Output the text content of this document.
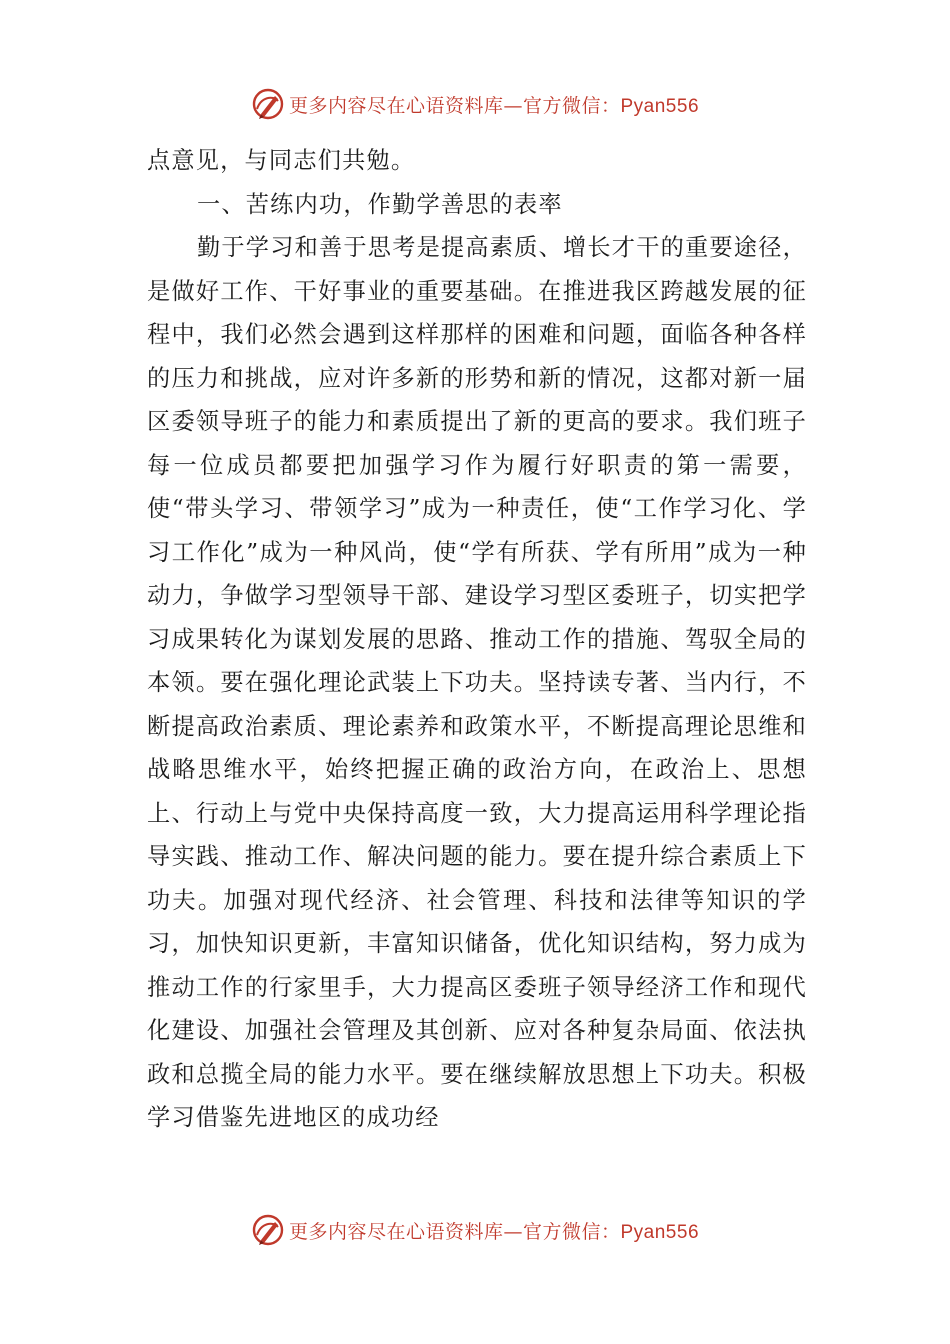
更多内容尽在心语资料库—官方微信：Pyan556

点意见，与同志们共勉。

一、苦练内功，作勤学善思的表率

勤于学习和善于思考是提高素质、增长才干的重要途径，是做好工作、干好事业的重要基础。在推进我区跨越发展的征程中，我们必然会遇到这样那样的困难和问题，面临各种各样的压力和挑战，应对许多新的形势和新的情况，这都对新一届区委领导班子的能力和素质提出了新的更高的要求。我们班子每一位成员都要把加强学习作为履行好职责的第一需要，使“带头学习、带领学习”成为一种责任，使“工作学习化、学习工作化”成为一种风尚，使“学有所获、学有所用”成为一种动力，争做学习型领导干部、建设学习型区委班子，切实把学习成果转化为谋划发展的思路、推动工作的措施、驾驭全局的本领。要在强化理论武装上下功夫。坚持读专著、当内行，不断提高政治素质、理论素养和政策水平，不断提高理论思维和战略思维水平，始终把握正确的政治方向，在政治上、思想上、行动上与党中央保持高度一致，大力提高运用科学理论指导实践、推动工作、解决问题的能力。要在提升综合素质上下功夫。加强对现代经济、社会管理、科技和法律等知识的学习，加快知识更新，丰富知识储备，优化知识结构，努力成为推动工作的行家里手，大力提高区委班子领导经济工作和现代化建设、加强社会管理及其创新、应对各种复杂局面、依法执政和总揽全局的能力水平。要在继续解放思想上下功夫。积极学习借鉴先进地区的成功经

更多内容尽在心语资料库—官方微信：Pyan556
